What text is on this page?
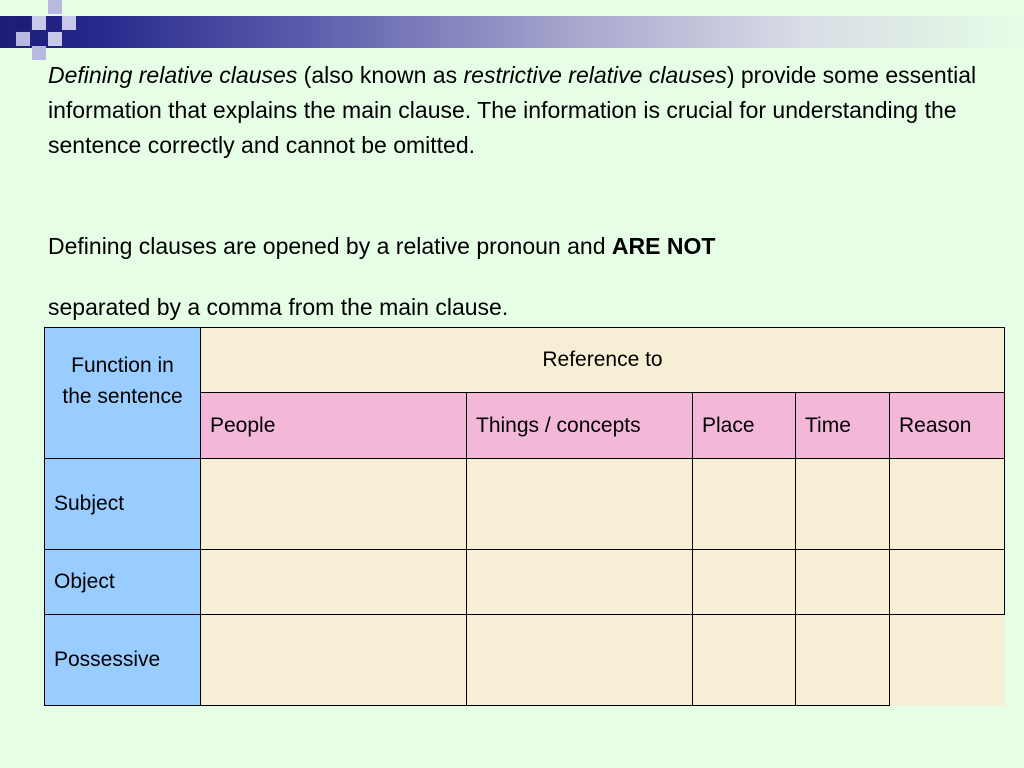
Defining relative clauses (also known as restrictive relative clauses) provide some essential information that explains the main clause. The information is crucial for understanding the sentence correctly and cannot be omitted.
Defining clauses are opened by a relative pronoun and ARE NOT
separated by a comma from the main clause.
Function in the sentence	Reference to				
	People	Things / concepts	Place	Time	Reason
Subject					
Object					
Possessive					
